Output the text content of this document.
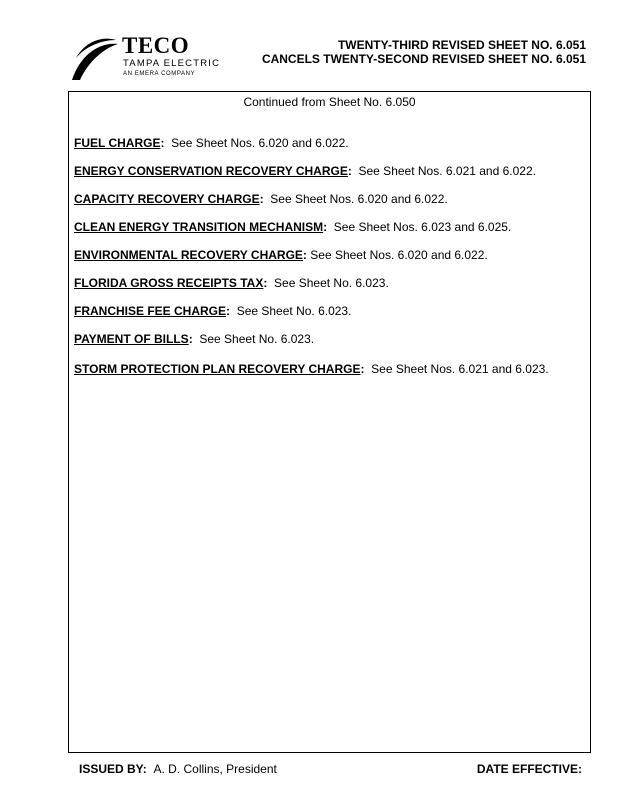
TECO
TAMPA ELECTRIC
AN EMERA COMPANY
TWENTY-THIRD REVISED SHEET NO. 6.051
CANCELS TWENTY-SECOND REVISED SHEET NO. 6.051
Continued from Sheet No. 6.050
FUEL CHARGE: See Sheet Nos. 6.020 and 6.022.
ENERGY CONSERVATION RECOVERY CHARGE: See Sheet Nos. 6.021 and 6.022.
CAPACITY RECOVERY CHARGE: See Sheet Nos. 6.020 and 6.022.
CLEAN ENERGY TRANSITION MECHANISM: See Sheet Nos. 6.023 and 6.025.
ENVIRONMENTAL RECOVERY CHARGE: See Sheet Nos. 6.020 and 6.022.
FLORIDA GROSS RECEIPTS TAX: See Sheet No. 6.023.
FRANCHISE FEE CHARGE: See Sheet No. 6.023.
PAYMENT OF BILLS: See Sheet No. 6.023.
STORM PROTECTION PLAN RECOVERY CHARGE: See Sheet Nos. 6.021 and 6.023.
ISSUED BY: A. D. Collins, President	DATE EFFECTIVE:
